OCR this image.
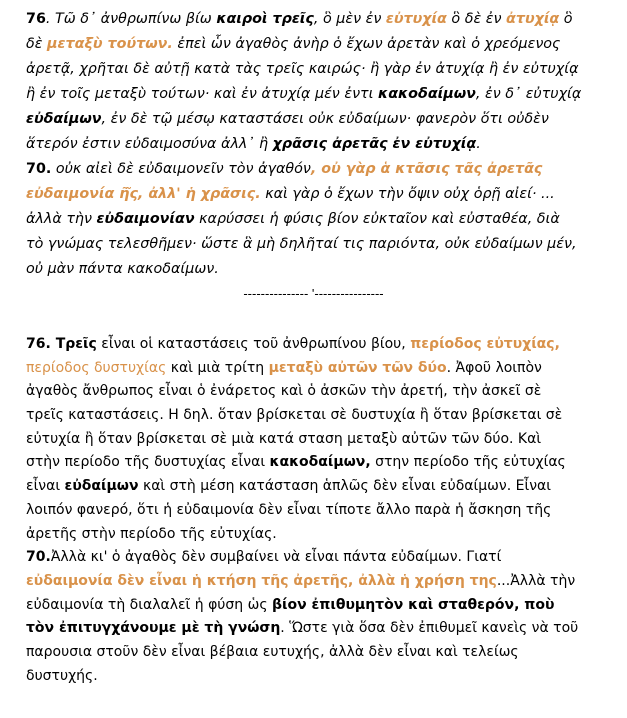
76. Τῶ δ᾽ ἀνθρωπίνω βίω καιροὶ τρεῖς, ὃ μὲν ἐν εὐτυχία ὃ δὲ ἐν ἀτυχίᾳ ὃ
δὲ μεταξὺ τούτων. ἐπεὶ ὧν ἀγαθὸς ἀνὴρ ὁ ἔχων ἀρετὰν καὶ ὁ χρεόμενος
ἀρετᾷ, χρῆται δὲ αὐτῇ κατὰ τὰς τρεῖς καιρώς· ἢ γὰρ ἐν ἀτυχίᾳ ἢ ἐν εὐτυχίᾳ
ἢ ἐν τοῖς μεταξὺ τούτων· καὶ ἐν ἀτυχίᾳ μέν ἐντι κακοδαίμων, ἐν δ᾽ εὐτυχίᾳ
εὐδαίμων, ἐν δὲ τῷ μέσῳ καταστάσει οὐκ εὐδαίμων· φανερὸν ὅτι οὐδὲν
ἅτερόν ἐστιν εὐδαιμοσύνα ἀλλ᾽ ἢ χρᾶσις ἀρετᾶς ἐν εὐτυχίᾳ.
70. οὐκ αἰεὶ δὲ εὐδαιμονεῖν τὸν ἀγαθόν, οὐ γὰρ ἁ κτᾶσις τᾶς ἀρετᾶς
εὐδαιμονία ῆ̃ς, ἀλλ' ἡ χρᾶσις. καὶ γὰρ ὁ ἔχων τὴν ὄψιν οὐχ ὁρῇ αἰεί· ...
ἀλλὰ τὴν εὐδαιμονίαν καρύσσει ἡ φύσις βίον εὐκταῖον καὶ εὐσταθέα, διὰ
τὸ γνώμας τελεσθῆμεν· ὥστε ἃ μὴ δηλῆταί τις παριόντα, οὐκ εὐδαίμων μέν,
οὐ μὰν πάντα κακοδαίμων.
--------------- '----------------
76. Τρεῖς εἶναι οἱ καταστάσεις τοῦ ἀνθρωπίνου βίου, περίοδος εὐτυχίας,
περίοδος δυστυχίας καὶ μιὰ τρίτη μεταξὺ αὐτῶν τῶν δύο. Ἀφοῦ λοιπὸν
ἀγαθὸς ἄνθρωπος εἶναι ὁ ἐνάρετος καὶ ὁ ἀσκῶν τὴν ἀρετή, τὴν ἀσκεῖ σὲ
τρεῖς καταστάσεις. Η δηλ. ὅταν βρίσκεται σὲ δυστυχία ἢ ὅταν βρίσκεται σὲ
εὐτυχία ἢ ὅταν βρίσκεται σὲ μιὰ κατά σταση μεταξὺ αὐτῶν τῶν δύο. Καὶ
στὴν περίοδο τῆς δυστυχίας εἶναι κακοδαίμων, στην περίοδο τῆς εὐτυχίας
εἶναι εὐδαίμων καὶ στὴ μέση κατάσταση ἁπλῶς δὲν εἶναι εὐδαίμων. Εἶναι
λοιπόν φανερό, ὅτι ἡ εὐδαιμονία δὲν εἶναι τίποτε ἄλλο παρὰ ἡ ἄσκηση τῆς
ἀρετῆς στὴν περίοδο τῆς εὐτυχίας.
70.Ἀλλὰ κι' ὁ ἀγαθὸς δὲν συμβαίνει νὰ εἶναι πάντα εὐδαίμων. Γιατί
εὐδαιμονία δὲν εἶναι ἡ κτήση τῆς ἀρετῆς, ἀλλὰ ἡ χρήση της...Ἀλλὰ τὴν
εὐδαιμονία τὴ διαλαλεῖ ἡ φύση ὡς βίον ἐπιθυμητὸν καὶ σταθερόν, ποὺ
τὸν ἐπιτυγχάνουμε μὲ τὴ γνώση. Ὥστε γιὰ ὅσα δὲν ἐπιθυμεῖ κανεὶς νὰ τοῦ
παρουσια στοῦν δὲν εἶναι βέβαια ευτυχής, ἀλλὰ δὲν εἶναι καὶ τελείως
δυστυχής.
